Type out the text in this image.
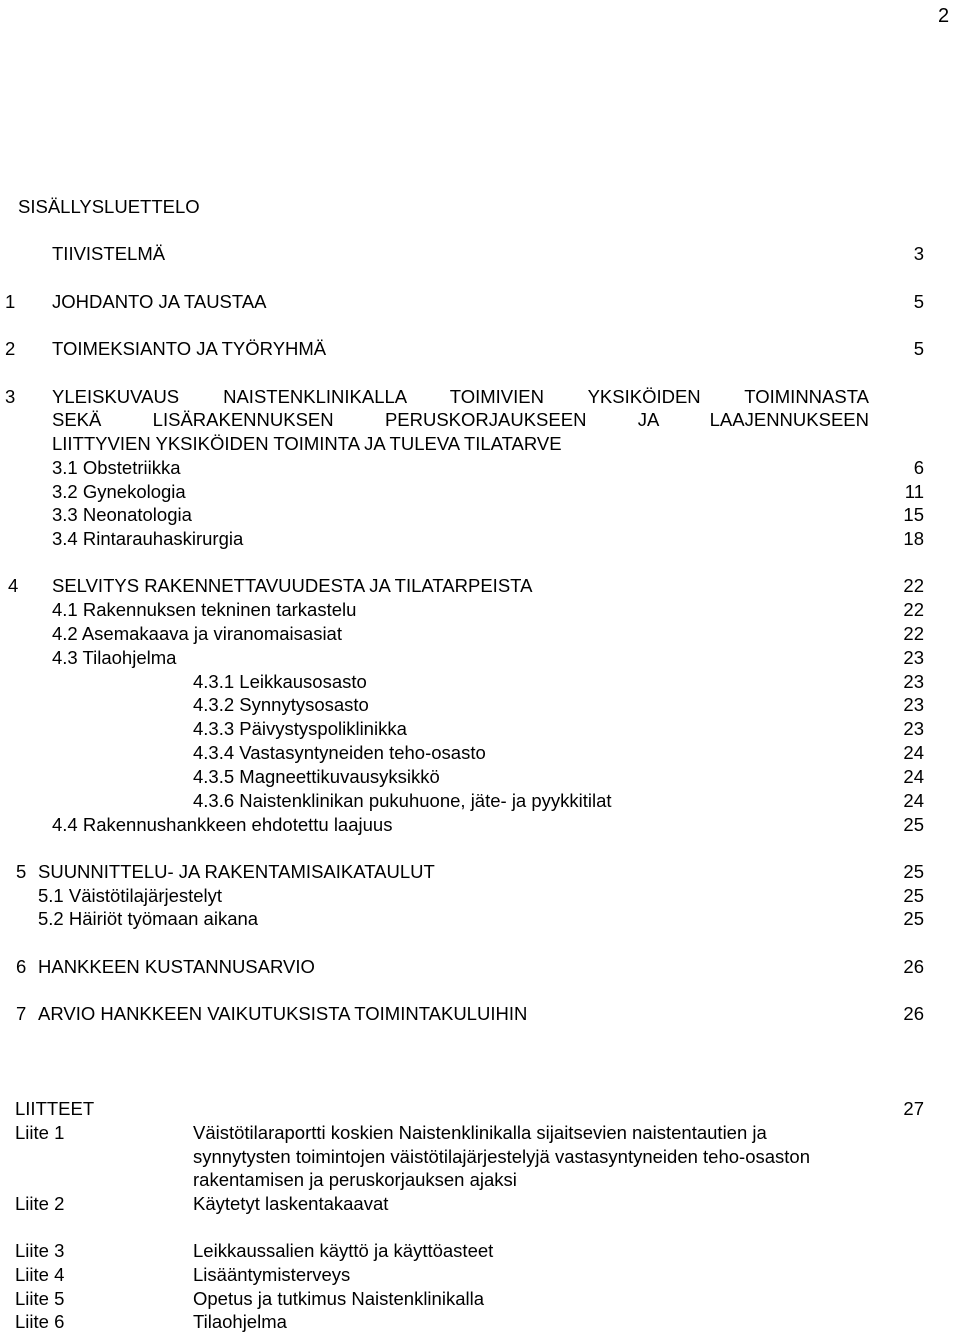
2
SISÄLLYSLUETTELO
TIIVISTELMÄ	3
1 JOHDANTO JA TAUSTAA	5
2 TOIMEKSIANTO JA TYÖRYHMÄ	5
3 YLEISKUVAUS NAISTENKLINIKALLA TOIMIVIEN YKSIKÖIDEN TOIMINNASTA
SEKÄ LISÄRAKENNUKSEN PERUSKORJAUKSEEN JA LAAJENNUKSEEN
LIITTYVIEN YKSIKÖIDEN TOIMINTA JA TULEVA TILATARVE
3.1 Obstetriikka	6
3.2 Gynekologia	11
3.3 Neonatologia	15
3.4 Rintarauhaskirurgia	18
4 SELVITYS RAKENNETTAVUUDESTA JA TILATARPEISTA	22
4.1 Rakennuksen tekninen tarkastelu	22
4.2 Asemakaava ja viranomaisasiat	22
4.3 Tilaohjelma	23
4.3.1 Leikkausosasto	23
4.3.2 Synnytysosasto	23
4.3.3 Päivystyspoliklinikka	23
4.3.4 Vastasyntyneiden teho-osasto	24
4.3.5 Magneettikuvausyksikkö	24
4.3.6 Naistenklinikan pukuhuone, jäte- ja pyykkitilat	24
4.4 Rakennushankkeen ehdotettu laajuus	25
5 SUUNNITTELU- JA RAKENTAMISAIKATAULUT	25
5.1 Väistötilajärjestelyt	25
5.2 Häiriöt työmaan aikana	25
6 HANKKEEN KUSTANNUSARVIO	26
7 ARVIO HANKKEEN VAIKUTUKSISTA TOIMINTAKULUIHIN	26
LIITTEET	27
Liite 1	Väistötilaraportti koskien Naistenklinikalla sijaitsevien naistentautien ja
synnytysten toimintojen väistötilajärjestelyjä vastasyntyneiden teho-osaston
rakentamisen ja peruskorjauksen ajaksi
Liite 2	Käytetyt laskentakaavat
Liite 3	Leikkaussalien käyttö ja käyttöasteet
Liite 4	Lisääntymisterveys
Liite 5	Opetus ja tutkimus Naistenklinikalla
Liite 6	Tilaohjelma
